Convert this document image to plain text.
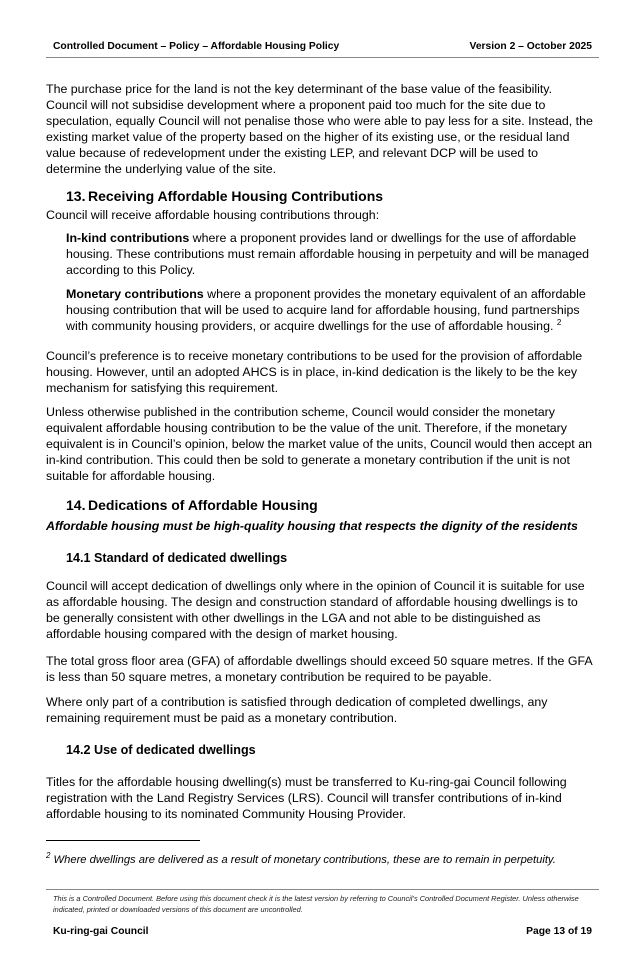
Controlled Document – Policy – Affordable Housing Policy	Version 2 – October 2025

The purchase price for the land is not the key determinant of the base value of the feasibility. Council will not subsidise development where a proponent paid too much for the site due to speculation, equally Council will not penalise those who were able to pay less for a site. Instead, the existing market value of the property based on the higher of its existing use, or the residual land value because of redevelopment under the existing LEP, and relevant DCP will be used to determine the underlying value of the site.

13. Receiving Affordable Housing Contributions

Council will receive affordable housing contributions through:

In-kind contributions where a proponent provides land or dwellings for the use of affordable housing. These contributions must remain affordable housing in perpetuity and will be managed according to this Policy.

Monetary contributions where a proponent provides the monetary equivalent of an affordable housing contribution that will be used to acquire land for affordable housing, fund partnerships with community housing providers, or acquire dwellings for the use of affordable housing. $^2$

Council’s preference is to receive monetary contributions to be used for the provision of affordable housing. However, until an adopted AHCS is in place, in-kind dedication is the likely to be the key mechanism for satisfying this requirement.

Unless otherwise published in the contribution scheme, Council would consider the monetary equivalent affordable housing contribution to be the value of the unit. Therefore, if the monetary equivalent is in Council’s opinion, below the market value of the units, Council would then accept an in-kind contribution. This could then be sold to generate a monetary contribution if the unit is not suitable for affordable housing.

14. Dedications of Affordable Housing

Affordable housing must be high-quality housing that respects the dignity of the residents

14.1 Standard of dedicated dwellings

Council will accept dedication of dwellings only where in the opinion of Council it is suitable for use as affordable housing. The design and construction standard of affordable housing dwellings is to be generally consistent with other dwellings in the LGA and not able to be distinguished as affordable housing compared with the design of market housing.

The total gross floor area (GFA) of affordable dwellings should exceed 50 square metres. If the GFA is less than 50 square metres, a monetary contribution be required to be payable.

Where only part of a contribution is satisfied through dedication of completed dwellings, any remaining requirement must be paid as a monetary contribution.

14.2 Use of dedicated dwellings

Titles for the affordable housing dwelling(s) must be transferred to Ku-ring-gai Council following registration with the Land Registry Services (LRS). Council will transfer contributions of in-kind affordable housing to its nominated Community Housing Provider.

$^2$ Where dwellings are delivered as a result of monetary contributions, these are to remain in perpetuity.

This is a Controlled Document. Before using this document check it is the latest version by referring to Council’s Controlled Document Register. Unless otherwise indicated, printed or downloaded versions of this document are uncontrolled.

Ku-ring-gai Council	Page 13 of 19
